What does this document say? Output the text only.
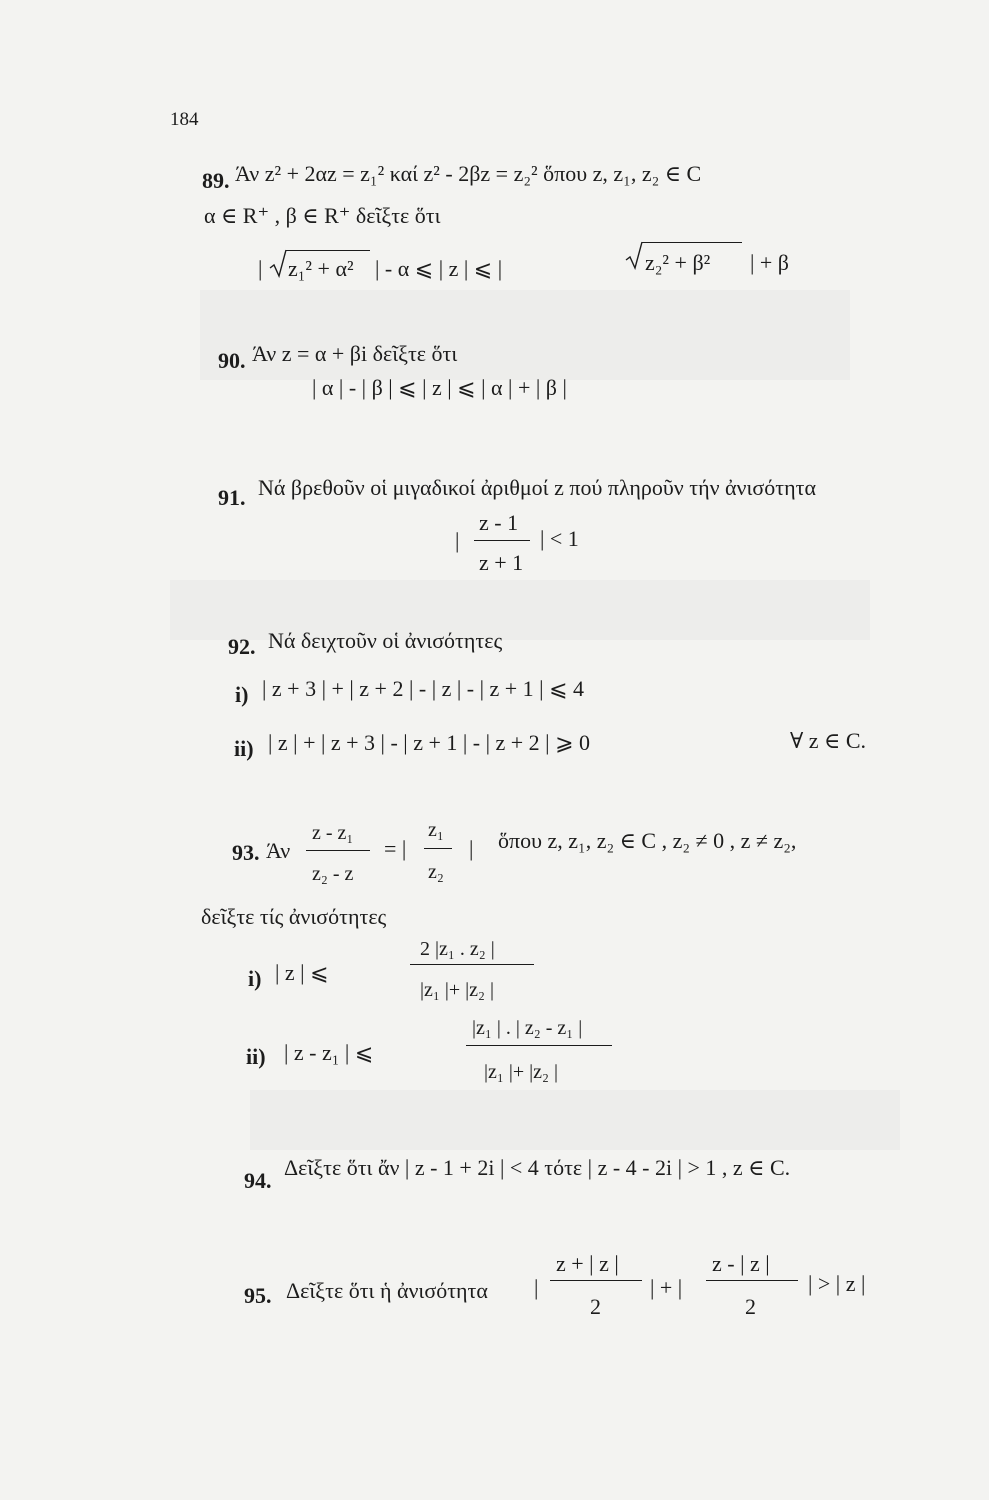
184
89. Άν z² + 2αz = z₁² καί z² - 2βz = z₂² ὅπου z, z₁, z₂ ∈ C
α ∈ R⁺ , β ∈ R⁺ δεῖξτε ὅτι
| z₁² + α² | - α ⩽ | z | ⩽ |	z₂² + β² | + β
90. Άν z = α + βi δεῖξτε ὅτι
| α | - | β | ⩽ | z | ⩽ | α | + | β |
91. Νά βρεθοῦν οἱ μιγαδικοί ἀριθμοί z πού πληροῦν τήν ἀνισότητα
|
z - 1
z + 1
| < 1
92. Νά δειχτοῦν οἱ ἀνισότητες
i) | z + 3 | + | z + 2 | - | z | - | z + 1 | ⩽ 4
ii) | z | + | z + 3 | - | z + 1 | - | z + 2 | ⩾ 0	∀ z ∈ C.
93. Άν
z - z₁
z₂ - z
= |
z₁
z₂
| ὅπου z, z₁, z₂ ∈ C , z₂ ≠ 0 , z ≠ z₂,
δεῖξτε τίς ἀνισότητες
i) | z | ⩽
2 |z₁ . z₂ |
|z₁ |+ |z₂ |
ii) | z - z₁ | ⩽
|z₁ | . | z₂ - z₁ |
|z₁ |+ |z₂ |
94.
Δεῖξτε ὅτι ἄν | z - 1 + 2i | < 4 τότε | z - 4 - 2i | > 1 , z ∈ C.
95. Δεῖξτε ὅτι ἡ ἀνισότητα |
z + | z |
2
| + |
z - | z |
2
| > | z |
